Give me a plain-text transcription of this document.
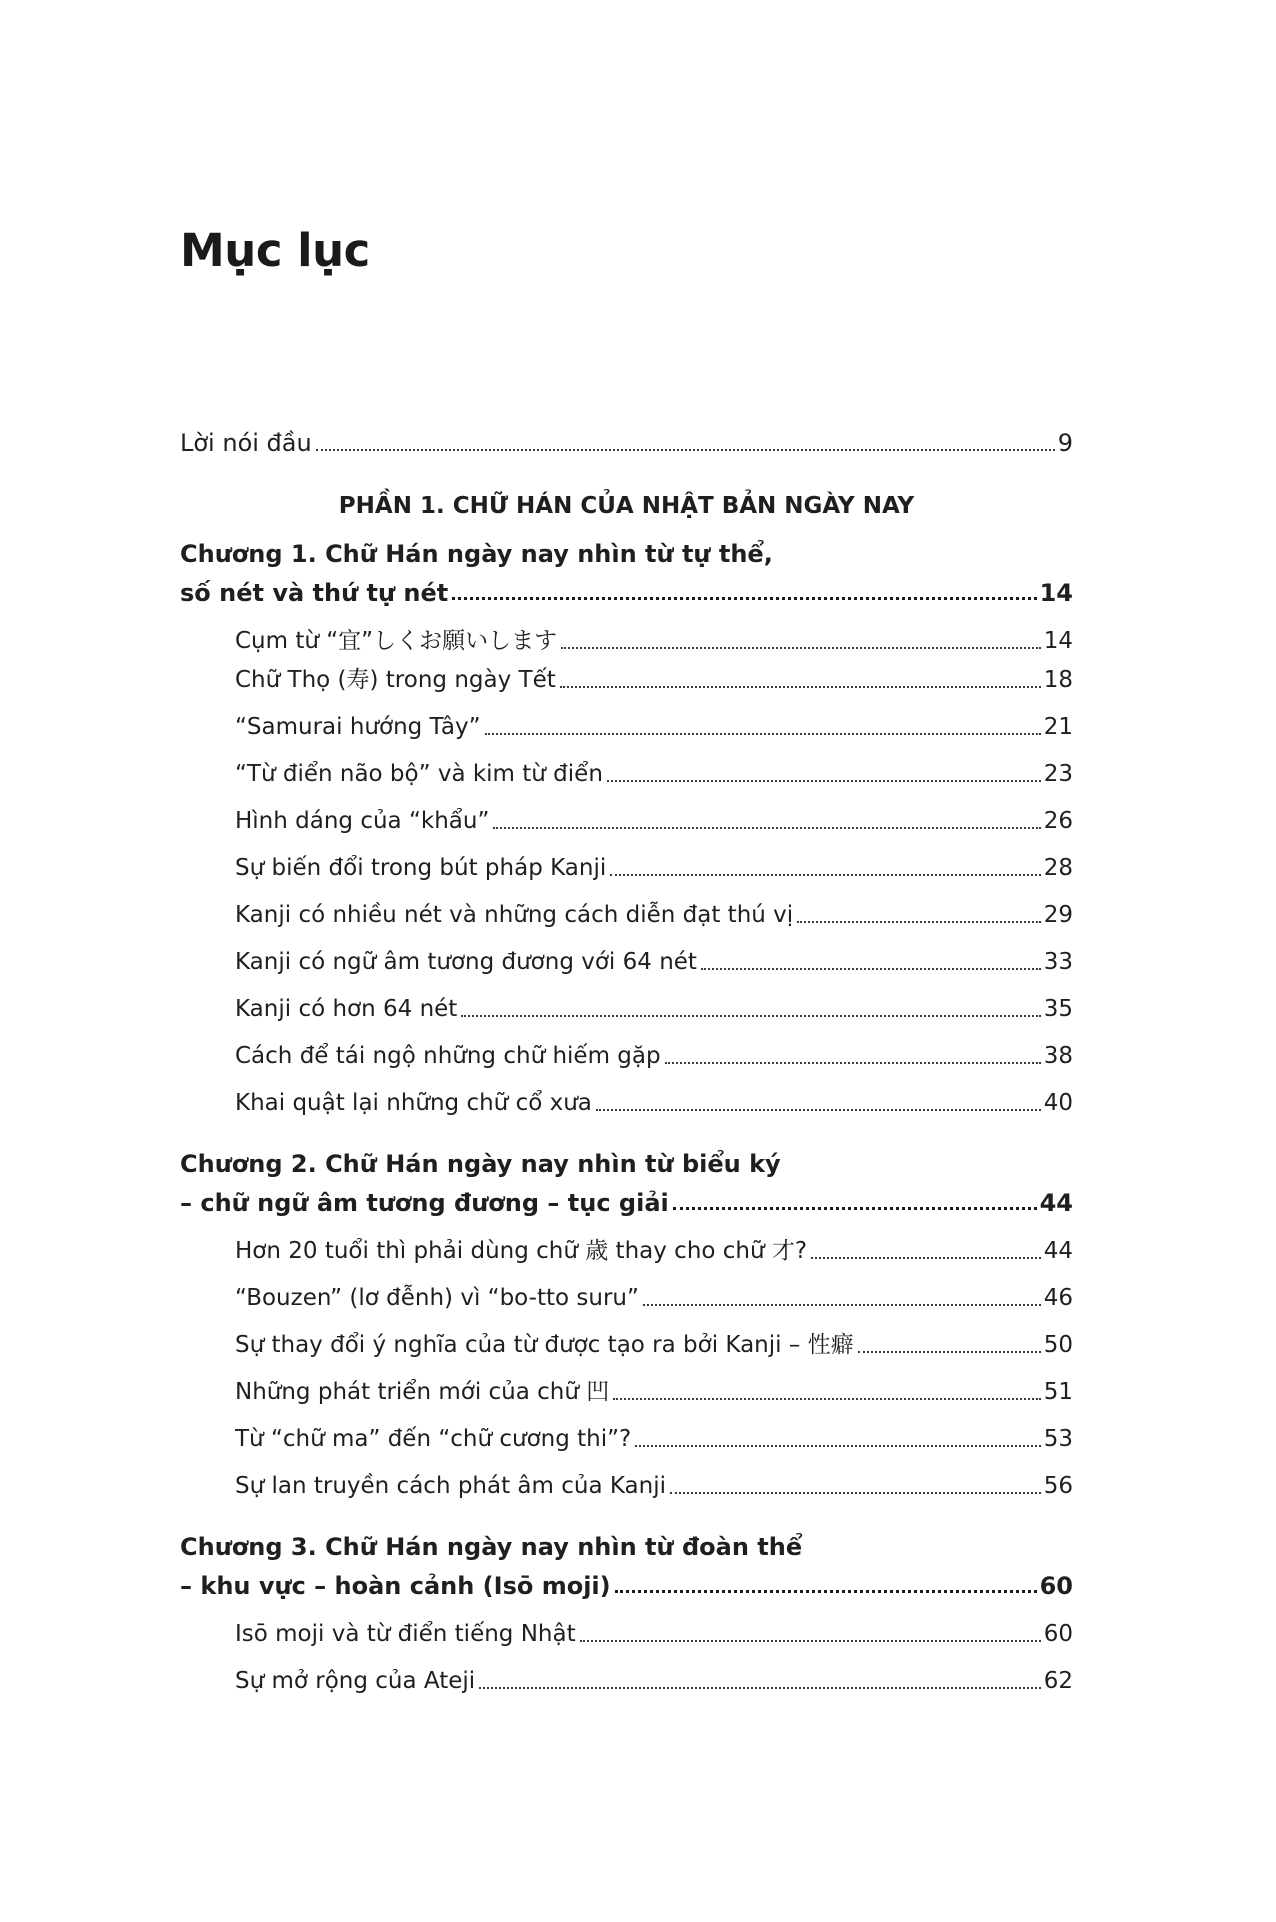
Mục lục
Lời nói đầu	9
PHẦN 1. CHỮ HÁN CỦA NHẬT BẢN NGÀY NAY
Chương 1. Chữ Hán ngày nay nhìn từ tự thể,
số nét và thứ tự nét	14
Cụm từ “宜”しくお願いします	14
Chữ Thọ (寿) trong ngày Tết	18
“Samurai hướng Tây”	21
“Từ điển não bộ” và kim từ điển	23
Hình dáng của “khẩu”	26
Sự biến đổi trong bút pháp Kanji	28
Kanji có nhiều nét và những cách diễn đạt thú vị	29
Kanji có ngữ âm tương đương với 64 nét	33
Kanji có hơn 64 nét	35
Cách để tái ngộ những chữ hiếm gặp	38
Khai quật lại những chữ cổ xưa	40
Chương 2. Chữ Hán ngày nay nhìn từ biểu ký
– chữ ngữ âm tương đương – tục giải	44
Hơn 20 tuổi thì phải dùng chữ 歳 thay cho chữ 才?	44
“Bouzen” (lơ đễnh) vì “bo-tto suru”	46
Sự thay đổi ý nghĩa của từ được tạo ra bởi Kanji – 性癖	50
Những phát triển mới của chữ 凹	51
Từ “chữ ma” đến “chữ cương thi”?	53
Sự lan truyền cách phát âm của Kanji	56
Chương 3. Chữ Hán ngày nay nhìn từ đoàn thể
– khu vực – hoàn cảnh (Isō moji)	60
Isō moji và từ điển tiếng Nhật	60
Sự mở rộng của Ateji	62
